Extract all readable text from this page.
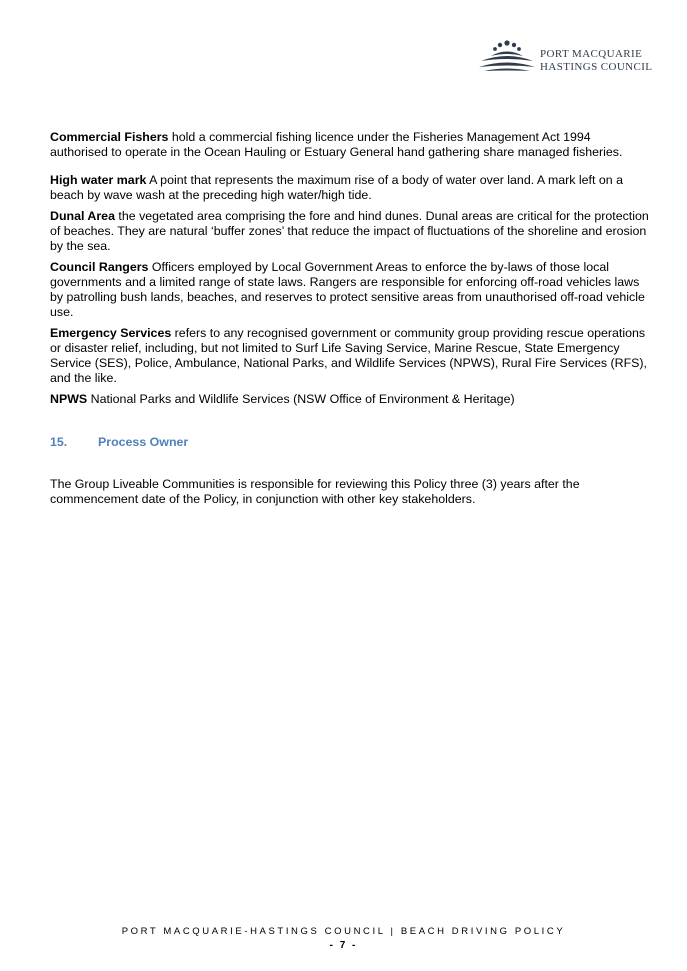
PORT MACQUARIE
HASTINGS COUNCIL

Commercial Fishers hold a commercial fishing licence under the Fisheries Management Act 1994 authorised to operate in the Ocean Hauling or Estuary General hand gathering share managed fisheries.

High water mark A point that represents the maximum rise of a body of water over land. A mark left on a beach by wave wash at the preceding high water/high tide.

Dunal Area the vegetated area comprising the fore and hind dunes. Dunal areas are critical for the protection of beaches. They are natural ‘buffer zones’ that reduce the impact of fluctuations of the shoreline and erosion by the sea.

Council Rangers Officers employed by Local Government Areas to enforce the by-laws of those local governments and a limited range of state laws. Rangers are responsible for enforcing off-road vehicles laws by patrolling bush lands, beaches, and reserves to protect sensitive areas from unauthorised off-road vehicle use.

Emergency Services refers to any recognised government or community group providing rescue operations or disaster relief, including, but not limited to Surf Life Saving Service, Marine Rescue, State Emergency Service (SES), Police, Ambulance, National Parks, and Wildlife Services (NPWS), Rural Fire Services (RFS), and the like.

NPWS National Parks and Wildlife Services (NSW Office of Environment & Heritage)

15. Process Owner

The Group Liveable Communities is responsible for reviewing this Policy three (3) years after the commencement date of the Policy, in conjunction with other key stakeholders.

PORT MACQUARIE-HASTINGS COUNCIL | BEACH DRIVING POLICY
- 7 -
